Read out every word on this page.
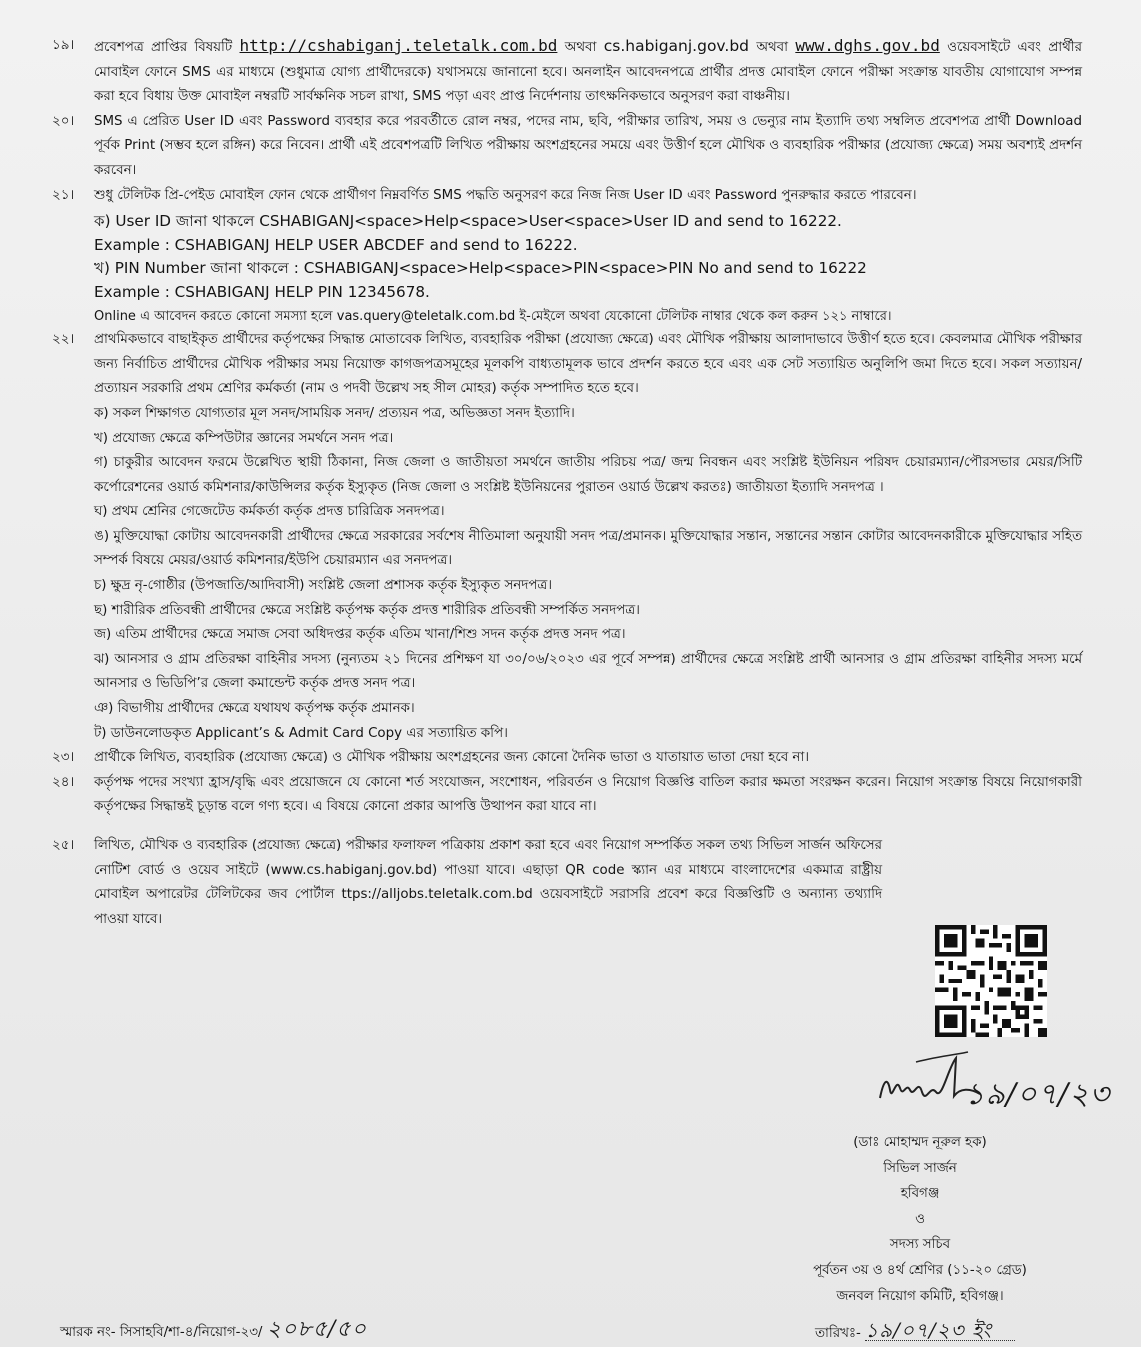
১৯। প্রবেশপত্র প্রাপ্তির বিষয়টি http://cshabiganj.teletalk.com.bd অথবা cs.habiganj.gov.bd অথবা www.dghs.gov.bd ওয়েবসাইটে এবং প্রার্থীর মোবাইল ফোনে SMS এর মাধ্যমে (শুধুমাত্র যোগ্য প্রার্থীদেরকে) যথাসময়ে জানানো হবে। অনলাইন আবেদনপত্রে প্রার্থীর প্রদত্ত মোবাইল ফোনে পরীক্ষা সংক্রান্ত যাবতীয় যোগাযোগ সম্পন্ন করা হবে বিধায় উক্ত মোবাইল নম্বরটি সার্বক্ষনিক সচল রাখা, SMS পড়া এবং প্রাপ্ত নির্দেশনায় তাৎক্ষনিকভাবে অনুসরণ করা বাঞ্চনীয়।

২০। SMS এ প্রেরিত User ID এবং Password ব্যবহার করে পরবর্তীতে রোল নম্বর, পদের নাম, ছবি, পরীক্ষার তারিখ, সময় ও ভেন্যুর নাম ইত্যাদি তথ্য সম্বলিত প্রবেশপত্র প্রার্থী Download পূর্বক Print (সম্ভব হলে রঙ্গিন) করে নিবেন। প্রার্থী এই প্রবেশপত্রটি লিখিত পরীক্ষায় অংশগ্রহনের সময়ে এবং উত্তীর্ণ হলে মৌখিক ও ব্যবহারিক পরীক্ষার (প্রযোজ্য ক্ষেত্রে) সময় অবশ্যই প্রদর্শন করবেন।

২১। শুধু টেলিটক প্রি-পেইড মোবাইল ফোন থেকে প্রার্থীগণ নিম্নবর্ণিত SMS পদ্ধতি অনুসরণ করে নিজ নিজ User ID এবং Password পুনরুদ্ধার করতে পারবেন।

ক) User ID জানা থাকলে CSHABIGANJ<space>Help<space>User<space>User ID and send to 16222.
Example : CSHABIGANJ HELP USER ABCDEF and send to 16222.
খ) PIN Number জানা থাকলে : CSHABIGANJ<space>Help<space>PIN<space>PIN No and send to 16222
Example : CSHABIGANJ HELP PIN 12345678.
Online এ আবেদন করতে কোনো সমস্যা হলে vas.query@teletalk.com.bd ই-মেইলে অথবা যেকোনো টেলিটক নাম্বার থেকে কল করুন ১২১ নাম্বারে।
২২। প্রাথমিকভাবে বাছাইকৃত প্রার্থীদের কর্তৃপক্ষের সিদ্ধান্ত মোতাবেক লিখিত, ব্যবহারিক পরীক্ষা (প্রযোজ্য ক্ষেত্রে) এবং মৌখিক পরীক্ষায় আলাদাভাবে উত্তীর্ণ হতে হবে। কেবলমাত্র মৌখিক পরীক্ষার জন্য নির্বাচিত প্রার্থীদের মৌখিক পরীক্ষার সময় নিয়োক্ত কাগজপত্রসমূহের মূলকপি বাধ্যতামূলক ভাবে প্রদর্শন করতে হবে এবং এক সেট সত্যায়িত অনুলিপি জমা দিতে হবে। সকল সত্যায়ন/প্রত্যায়ন সরকারি প্রথম শ্রেণির কর্মকর্তা (নাম ও পদবী উল্লেখ সহ সীল মোহর) কর্তৃক সম্পাদিত হতে হবে।

ক) সকল শিক্ষাগত যোগ্যতার মূল সনদ/সাময়িক সনদ/ প্রত্যয়ন পত্র, অভিজ্ঞতা সনদ ইত্যাদি।

খ) প্রযোজ্য ক্ষেত্রে কম্পিউটার জ্ঞানের সমর্থনে সনদ পত্র।

গ) চাকুরীর আবেদন ফরমে উল্লেখিত স্থায়ী ঠিকানা, নিজ জেলা ও জাতীয়তা সমর্থনে জাতীয় পরিচয় পত্র/ জন্ম নিবন্ধন এবং সংশ্লিষ্ট ইউনিয়ন পরিষদ চেয়ারম্যান/পৌরসভার মেয়র/সিটি কর্পোরেশনের ওয়ার্ড কমিশনার/কাউন্সিলর কর্তৃক ইস্যুকৃত (নিজ জেলা ও সংশ্লিষ্ট ইউনিয়নের পুরাতন ওয়ার্ড উল্লেখ করতঃ) জাতীয়তা ইত্যাদি সনদপত্র ।

ঘ) প্রথম শ্রেনির গেজেটেড কর্মকর্তা কর্তৃক প্রদত্ত চারিত্রিক সনদপত্র।

ঙ) মুক্তিযোদ্ধা কোটায় আবেদনকারী প্রার্থীদের ক্ষেত্রে সরকারের সর্বশেষ নীতিমালা অনুযায়ী সনদ পত্র/প্রমানক। মুক্তিযোদ্ধার সন্তান, সন্তানের সন্তান কোটার আবেদনকারীকে মুক্তিযোদ্ধার সহিত সম্পর্ক বিষয়ে মেয়র/ওয়ার্ড কমিশনার/ইউপি চেয়ারম্যান এর সনদপত্র।

চ) ক্ষুদ্র নৃ-গোষ্ঠীর (উপজাতি/আদিবাসী) সংশ্লিষ্ট জেলা প্রশাসক কর্তৃক ইস্যুকৃত সনদপত্র।

ছ) শারীরিক প্রতিবন্ধী প্রার্থীদের ক্ষেত্রে সংশ্লিষ্ট কর্তৃপক্ষ কর্তৃক প্রদত্ত শারীরিক প্রতিবন্ধী সম্পর্কিত সনদপত্র।

জ) এতিম প্রার্থীদের ক্ষেত্রে সমাজ সেবা অধিদপ্তর কর্তৃক এতিম খানা/শিশু সদন কর্তৃক প্রদত্ত সনদ পত্র।

ঝ) আনসার ও গ্রাম প্রতিরক্ষা বাহিনীর সদস্য (নুন্যতম ২১ দিনের প্রশিক্ষণ যা ৩০/০৬/২০২৩ এর পূর্বে সম্পন্ন) প্রার্থীদের ক্ষেত্রে সংশ্লিষ্ট প্রার্থী আনসার ও গ্রাম প্রতিরক্ষা বাহিনীর সদস্য মর্মে আনসার ও ভিডিপি’র জেলা কমান্ডেন্ট কর্তৃক প্রদত্ত সনদ পত্র।

ঞ) বিভাগীয় প্রার্থীদের ক্ষেত্রে যথাযথ কর্তৃপক্ষ কর্তৃক প্রমানক।

ট) ডাউনলোডকৃত Applicant’s & Admit Card Copy এর সত্যায়িত কপি।

২৩। প্রার্থীকে লিখিত, ব্যবহারিক (প্রযোজ্য ক্ষেত্রে) ও মৌখিক পরীক্ষায় অংশগ্রহনের জন্য কোনো দৈনিক ভাতা ও যাতায়াত ভাতা দেয়া হবে না।

২৪। কর্তৃপক্ষ পদের সংখ্যা হ্রাস/বৃদ্ধি এবং প্রয়োজনে যে কোনো শর্ত সংযোজন, সংশোধন, পরিবর্তন ও নিয়োগ বিজ্ঞপ্তি বাতিল করার ক্ষমতা সংরক্ষন করেন। নিয়োগ সংক্রান্ত বিষয়ে নিয়োগকারী কর্তৃপক্ষের সিদ্ধান্তই চূড়ান্ত বলে গণ্য হবে। এ বিষয়ে কোনো প্রকার আপত্তি উত্থাপন করা যাবে না।

২৫। লিখিত, মৌখিক ও ব্যবহারিক (প্রযোজ্য ক্ষেত্রে) পরীক্ষার ফলাফল পত্রিকায় প্রকাশ করা হবে এবং নিয়োগ সম্পর্কিত সকল তথ্য সিভিল সার্জন অফিসের নোটিশ বোর্ড ও ওয়েব সাইটে (www.cs.habiganj.gov.bd) পাওয়া যাবে। এছাড়া QR code স্ক্যান এর মাধ্যমে বাংলাদেশের একমাত্র রাষ্ট্রীয় মোবাইল অপারেটর টেলিটকের জব পোর্টাল ttps://alljobs.teletalk.com.bd ওয়েবসাইটে সরাসরি প্রবেশ করে বিজ্ঞপ্তিটি ও অন্যান্য তথ্যাদি পাওয়া যাবে।

১৯/০৭/২৩
(ডাঃ মোহাম্মদ নূরুল হক)
সিভিল সার্জন
হবিগঞ্জ
ও
সদস্য সচিব
পূর্বতন ৩য় ও ৪র্থ শ্রেণির (১১-২০ গ্রেড)
জনবল নিয়োগ কমিটি, হবিগঞ্জ।
স্মারক নং- সিসাহবি/শা-৪/নিয়োগ-২৩/ ২০৮৫/৫০	তারিখঃ- ১৯/০৭/২৩ ইং
